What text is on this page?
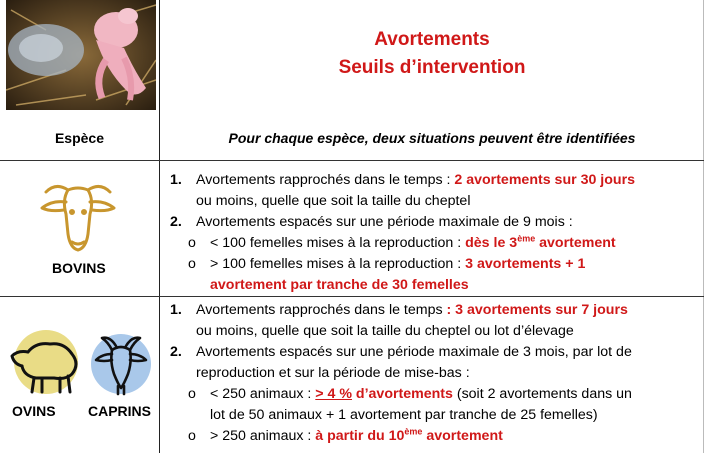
Espèce
Avortements
Seuils d’intervention
Pour chaque espèce, deux situations peuvent être identifiées
BOVINS
1. Avortements rapprochés dans le temps : 2 avortements sur 30 jours
ou moins, quelle que soit la taille du cheptel
2. Avortements espacés sur une période maximale de 9 mois :
o < 100 femelles mises à la reproduction : dès le 3ème avortement
o > 100 femelles mises à la reproduction : 3 avortements + 1
avortement par tranche de 30 femelles
OVINS CAPRINS
1. Avortements rapprochés dans le temps : 3 avortements sur 7 jours
ou moins, quelle que soit la taille du cheptel ou lot d’élevage
2. Avortements espacés sur une période maximale de 3 mois, par lot de
reproduction et sur la période de mise-bas :
o < 250 animaux : > 4 % d’avortements (soit 2 avortements dans un
lot de 50 animaux + 1 avortement par tranche de 25 femelles)
o > 250 animaux : à partir du 10ème avortement
